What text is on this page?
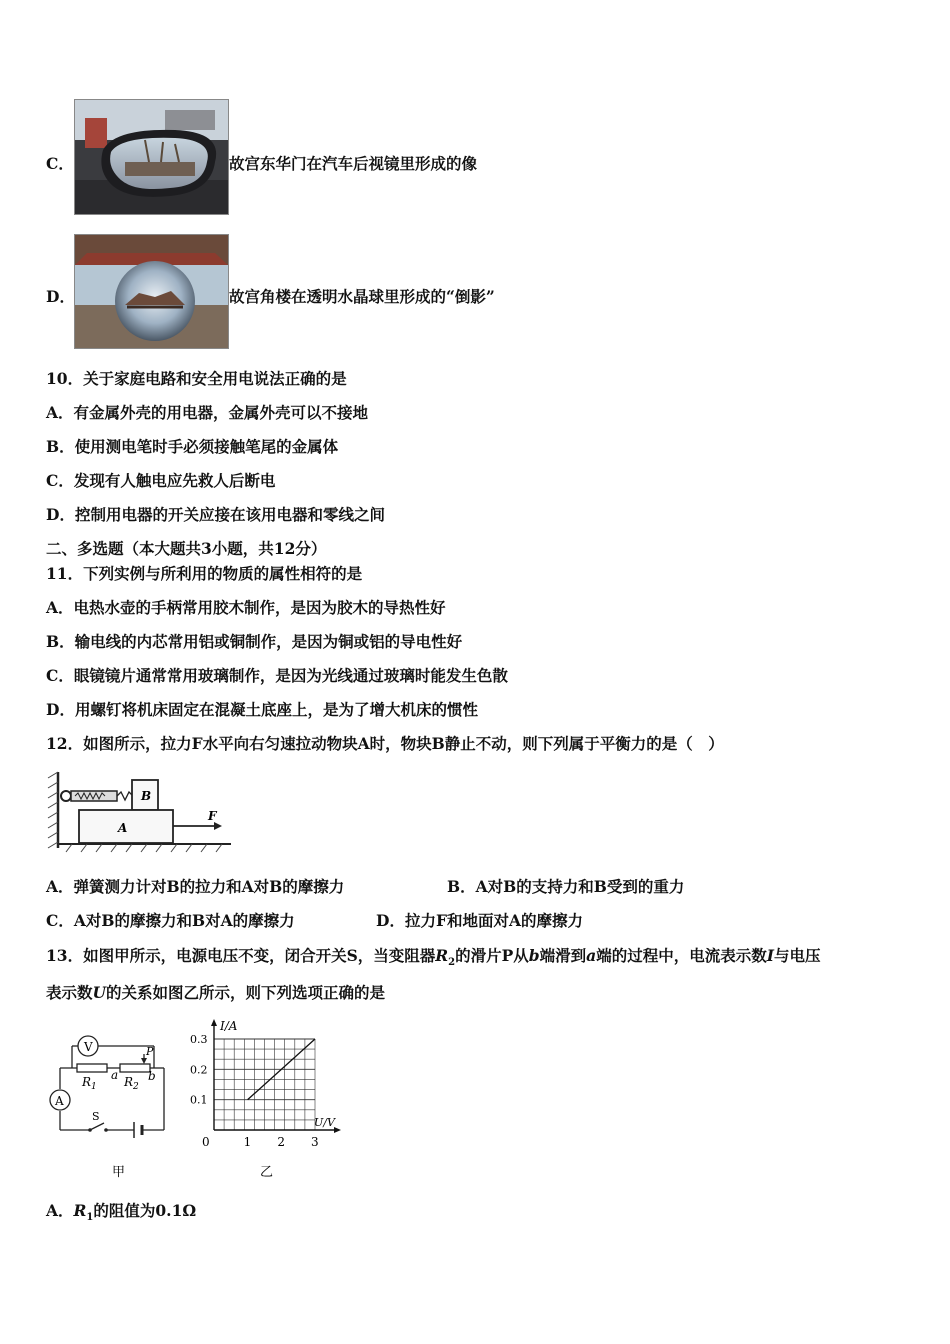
C．	故宫东华门在汽车后视镜里形成的像
D．	故宫角楼在透明水晶球里形成的“倒影”
10．关于家庭电路和安全用电说法正确的是
A．有金属外壳的用电器，金属外壳可以不接地
B．使用测电笔时手必须接触笔尾的金属体
C．发现有人触电应先救人后断电
D．控制用电器的开关应接在该用电器和零线之间
二、多选题（本大题共3小题，共12分）
11．下列实例与所利用的物质的属性相符的是
A．电热水壶的手柄常用胶木制作，是因为胶木的导热性好
B．输电线的内芯常用铝或铜制作，是因为铜或铝的导电性好
C．眼镜镜片通常常用玻璃制作，是因为光线通过玻璃时能发生色散
D．用螺钉将机床固定在混凝土底座上，是为了增大机床的惯性
12．如图所示，拉力F水平向右匀速拉动物块A时，物块B静止不动，则下列属于平衡力的是（　）
B
A
F
A．弹簧测力计对B的拉力和A对B的摩擦力	B．A对B的支持力和B受到的重力
C．A对B的摩擦力和B对A的摩擦力	D．拉力F和地面对A的摩擦力
13．如图甲所示，电源电压不变，闭合开关S，当变阻器$R_2$的滑片P从b端滑到a端的过程中，电流表示数I与电压
表示数U的关系如图乙所示，则下列选项正确的是
V
A
$R_1$ $R_2$
P
a b
S
甲
I/A
U/V
0	1 2 3
0.1
0.2
0.3
乙
A．$R_1$的阻值为0.1Ω
